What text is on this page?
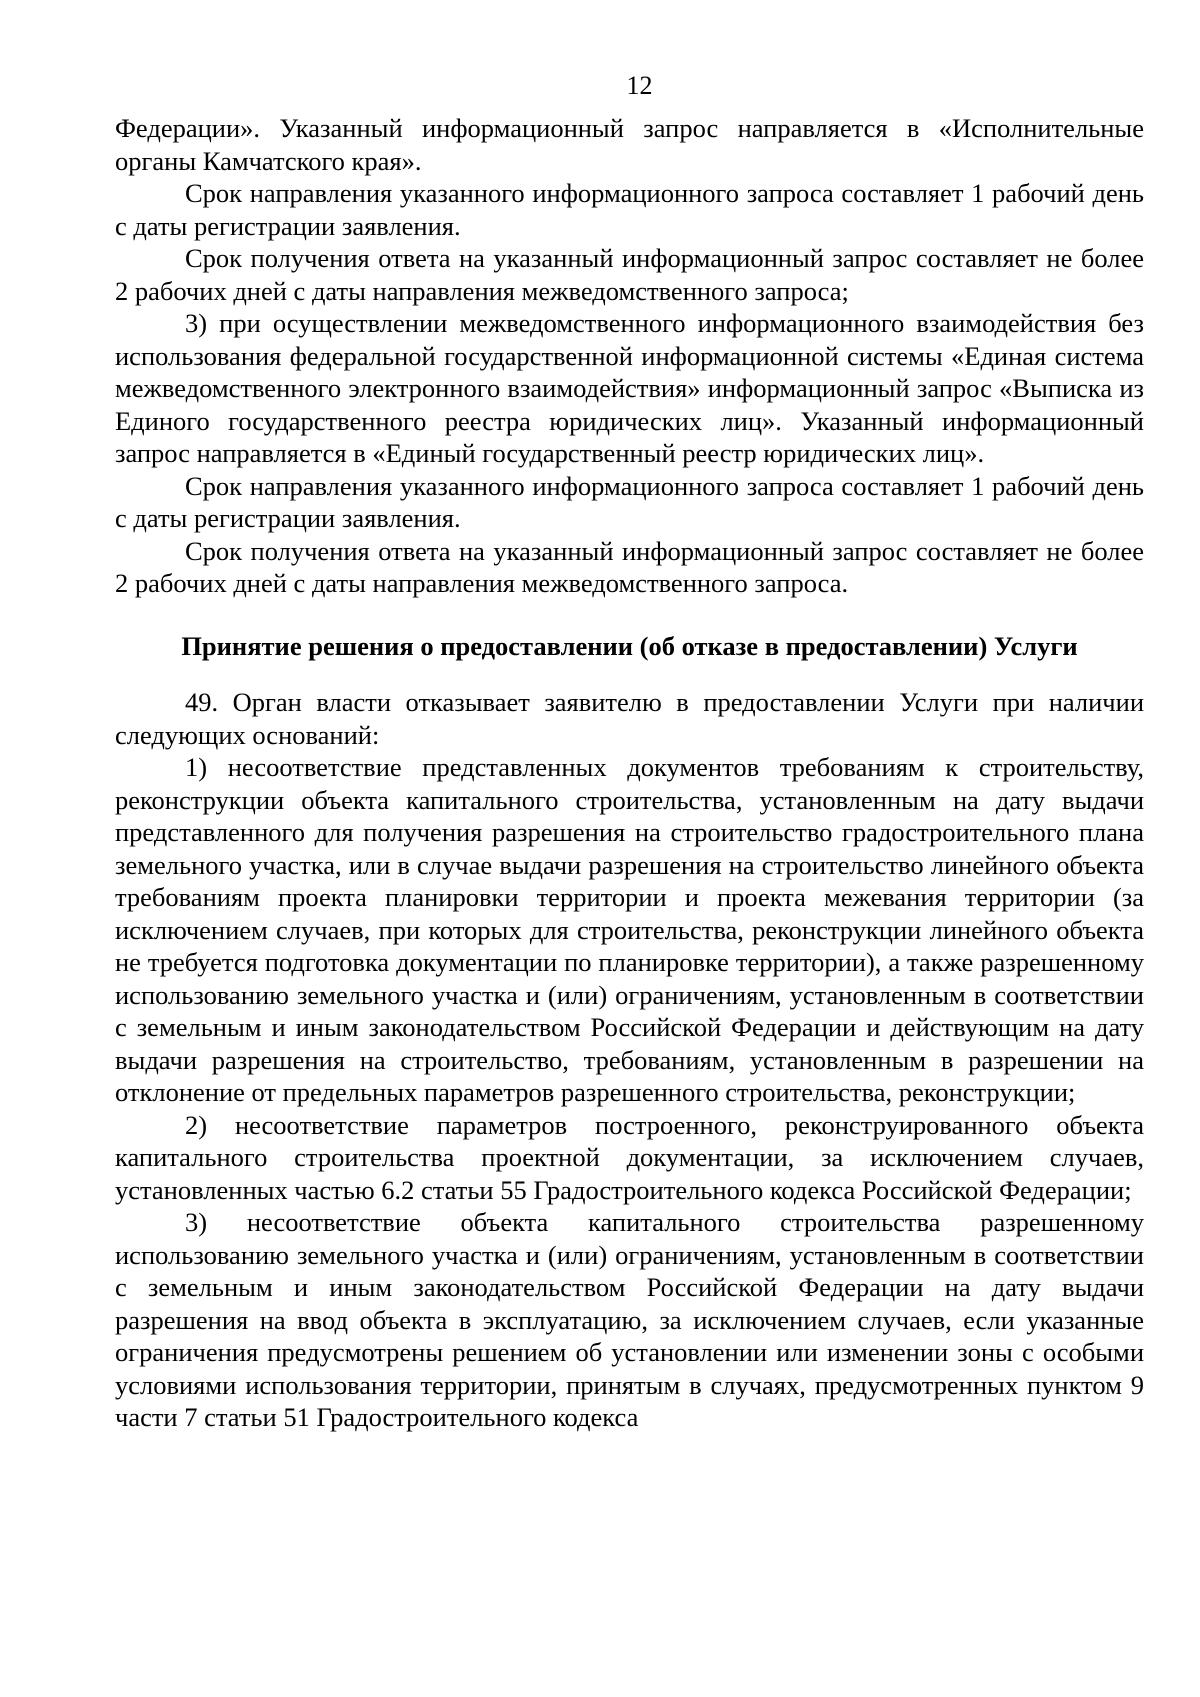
12

Федерации». Указанный информационный запрос направляется в «Исполнительные органы Камчатского края».

Срок направления указанного информационного запроса составляет 1 рабочий день с даты регистрации заявления.

Срок получения ответа на указанный информационный запрос составляет не более 2 рабочих дней с даты направления межведомственного запроса;

3) при осуществлении межведомственного информационного взаимодействия без использования федеральной государственной информационной системы «Единая система межведомственного электронного взаимодействия» информационный запрос «Выписка из Единого государственного реестра юридических лиц». Указанный информационный запрос направляется в «Единый государственный реестр юридических лиц».

Срок направления указанного информационного запроса составляет 1 рабочий день с даты регистрации заявления.

Срок получения ответа на указанный информационный запрос составляет не более 2 рабочих дней с даты направления межведомственного запроса.

Принятие решения о предоставлении (об отказе в предоставлении) Услуги

49. Орган власти отказывает заявителю в предоставлении Услуги при наличии следующих оснований:

1) несоответствие представленных документов требованиям к строительству, реконструкции объекта капитального строительства, установленным на дату выдачи представленного для получения разрешения на строительство градостроительного плана земельного участка, или в случае выдачи разрешения на строительство линейного объекта требованиям проекта планировки территории и проекта межевания территории (за исключением случаев, при которых для строительства, реконструкции линейного объекта не требуется подготовка документации по планировке территории), а также разрешенному использованию земельного участка и (или) ограничениям, установленным в соответствии с земельным и иным законодательством Российской Федерации и действующим на дату выдачи разрешения на строительство, требованиям, установленным в разрешении на отклонение от предельных параметров разрешенного строительства, реконструкции;

2) несоответствие параметров построенного, реконструированного объекта капитального строительства проектной документации, за исключением случаев, установленных частью 6.2 статьи 55 Градостроительного кодекса Российской Федерации;

3) несоответствие объекта капитального строительства разрешенному использованию земельного участка и (или) ограничениям, установленным в соответствии с земельным и иным законодательством Российской Федерации на дату выдачи разрешения на ввод объекта в эксплуатацию, за исключением случаев, если указанные ограничения предусмотрены решением об установлении или изменении зоны с особыми условиями использования территории, принятым в случаях, предусмотренных пунктом 9 части 7 статьи 51 Градостроительного кодекса
